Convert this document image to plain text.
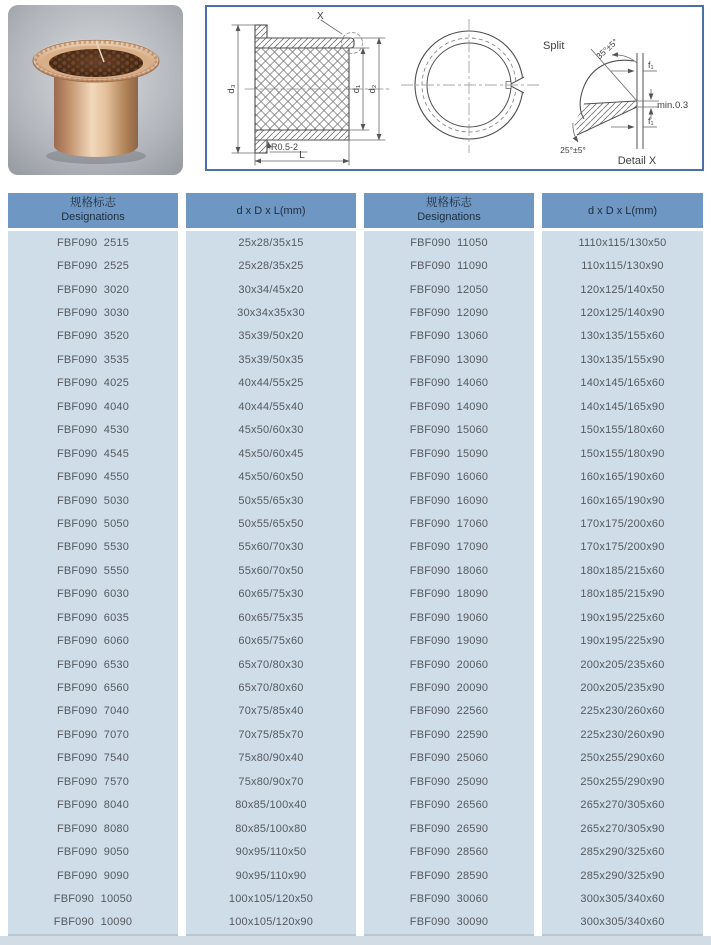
d₃	d₁ d₂
L
R0.5-2
X
Split	35°±5°
f₁
min.0.3
f₁
25°±5°
Detail X
规格标志
Designations
FBF090  2515
FBF090  2525
FBF090  3020
FBF090  3030
FBF090  3520
FBF090  3535
FBF090  4025
FBF090  4040
FBF090  4530
FBF090  4545
FBF090  4550
FBF090  5030
FBF090  5050
FBF090  5530
FBF090  5550
FBF090  6030
FBF090  6035
FBF090  6060
FBF090  6530
FBF090  6560
FBF090  7040
FBF090  7070
FBF090  7540
FBF090  7570
FBF090  8040
FBF090  8080
FBF090  9050
FBF090  9090
FBF090  10050
FBF090  10090
d x D x L(mm)
25x28/35x15
25x28/35x25
30x34/45x20
30x34x35x30
35x39/50x20
35x39/50x35
40x44/55x25
40x44/55x40
45x50/60x30
45x50/60x45
45x50/60x50
50x55/65x30
50x55/65x50
55x60/70x30
55x60/70x50
60x65/75x30
60x65/75x35
60x65/75x60
65x70/80x30
65x70/80x60
70x75/85x40
70x75/85x70
75x80/90x40
75x80/90x70
80x85/100x40
80x85/100x80
90x95/110x50
90x95/110x90
100x105/120x50
100x105/120x90
规格标志
Designations
FBF090  11050
FBF090  11090
FBF090  12050
FBF090  12090
FBF090  13060
FBF090  13090
FBF090  14060
FBF090  14090
FBF090  15060
FBF090  15090
FBF090  16060
FBF090  16090
FBF090  17060
FBF090  17090
FBF090  18060
FBF090  18090
FBF090  19060
FBF090  19090
FBF090  20060
FBF090  20090
FBF090  22560
FBF090  22590
FBF090  25060
FBF090  25090
FBF090  26560
FBF090  26590
FBF090  28560
FBF090  28590
FBF090  30060
FBF090  30090
d x D x L(mm)
1110x115/130x50
110x115/130x90
120x125/140x50
120x125/140x90
130x135/155x60
130x135/155x90
140x145/165x60
140x145/165x90
150x155/180x60
150x155/180x90
160x165/190x60
160x165/190x90
170x175/200x60
170x175/200x90
180x185/215x60
180x185/215x90
190x195/225x60
190x195/225x90
200x205/235x60
200x205/235x90
225x230/260x60
225x230/260x90
250x255/290x60
250x255/290x90
265x270/305x60
265x270/305x90
285x290/325x60
285x290/325x90
300x305/340x60
300x305/340x60
